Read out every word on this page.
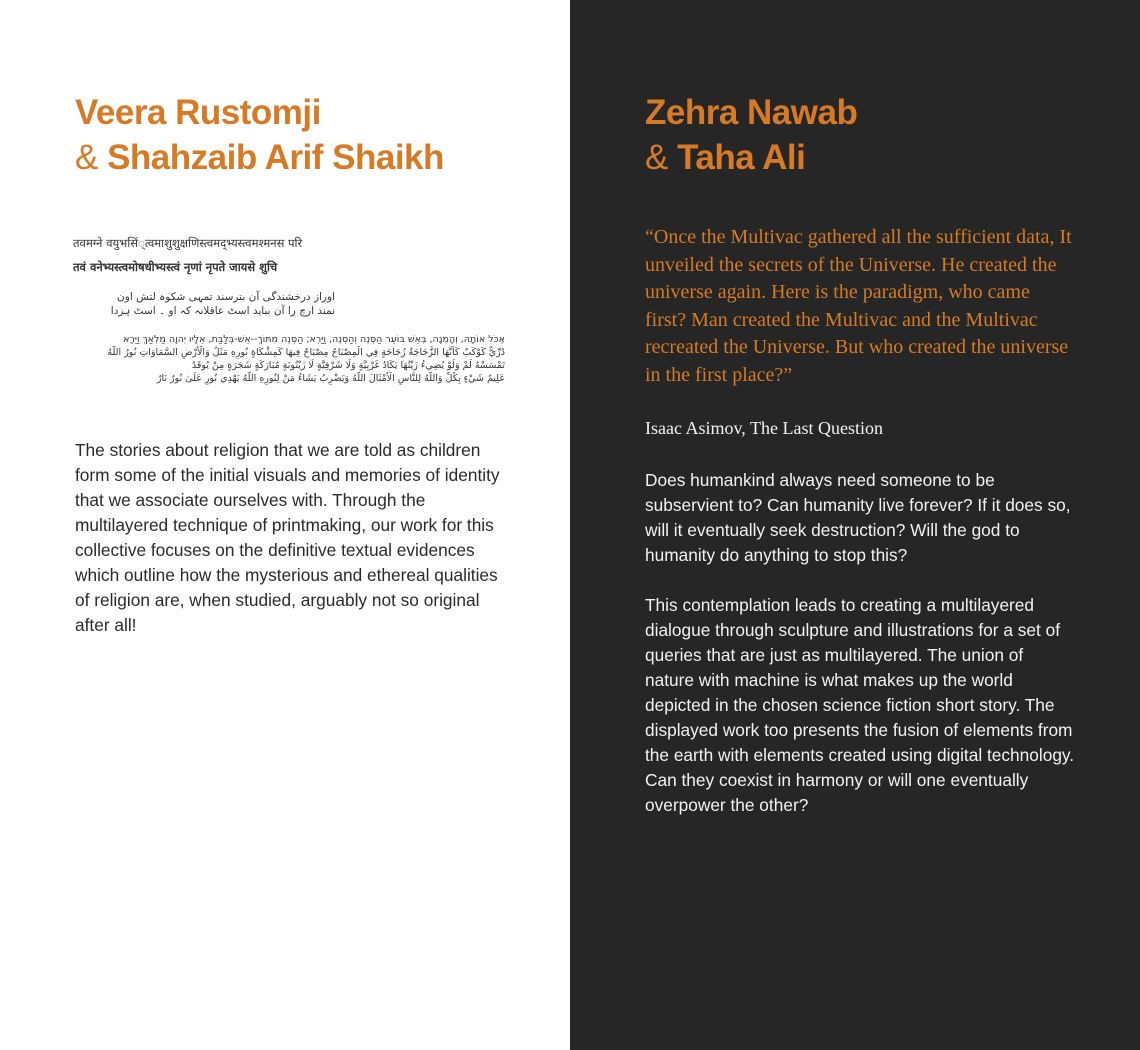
Veera Rustomji
& Shahzaib Arif Shaikh
तवमग्ने वयुभसिं्त्वमाशुशुक्षणिस्त्वमद्भ्यस्त्वमश्मनस परि
तवं वनेभ्यस्त्वमोषधीभ्यस्त्वं नृणां नृपते जायसे शुचि
اوراز درخشندگی آن بترسند تمہی شکوہ لتش اون
نمند ارچ را آن بباید اسٹ عاقلانہ کہ او ۔ اسٹ ہزدا
אֶכֹּל אוֹתָהּ, וְהָמְנָה, בְּאֵשׁ בּוֹעֵר הַסְּנֶה וְהַסְּנֶה, וַיַּרְא; הַסְּנֶה מִתּוֹךְ--אֵשׁ-בְּלַבַּת, אֵלָיו יְהוָה מַלְאַךְ וַיֵּרָא
دُرِّيٌّ كَوْكَبٌ كَأَنَّهَا الزُّجَاجَةُ زُجَاجَةٍ فِي الْمِصْبَاحُ مِصْبَاحٌ فِيهَا كَمِشْكَاةٍ نُورِهِ مَثَلُ وَالْأَرْضِ السَّمَاوَاتِ نُورُ اللَّهُ
تَمْسَسْهُ لَمْ وَلَوْ يُضِيءُ زَيْتُهَا يَكَادُ غَرْبِيَّةٍ وَلَا شَرْقِيَّةٍ لَا زَيْتُونَةٍ مُبَارَكَةٍ شَجَرَةٍ مِنْ يُوقَدُ
عَلِيمٌ شَيْءٍ بِكُلِّ وَاللَّهُ لِلنَّاسِ الْأَمْثَالَ اللَّهُ وَيَضْرِبُ يَشَاءُ مَنْ لِنُورِهِ اللَّهُ يَهْدِي نُورٍ عَلَىٰ نُورٌ نَارٌ

The stories about religion that we are told as children form some of the initial visuals and memories of identity that we associate ourselves with. Through the multilayered technique of printmaking, our work for this collective focuses on the definitive textual evidences which outline how the mysterious and ethereal qualities of religion are, when studied, arguably not so original after all!

Zehra Nawab
& Taha Ali

“Once the Multivac gathered all the sufficient data, It unveiled the secrets of the Universe. He created the universe again. Here is the paradigm, who came first? Man created the Multivac and the Multivac recreated the Universe. But who created the universe in the first place?”

Isaac Asimov, The Last Question

Does humankind always need someone to be subservient to? Can humanity live forever? If it does so, will it eventually seek destruction? Will the god to humanity do anything to stop this?

This contemplation leads to creating a multilayered dialogue through sculpture and illustrations for a set of queries that are just as multilayered. The union of nature with machine is what makes up the world depicted in the chosen science fiction short story. The displayed work too presents the fusion of elements from the earth with elements created using digital technology. Can they coexist in harmony or will one eventually overpower the other?
